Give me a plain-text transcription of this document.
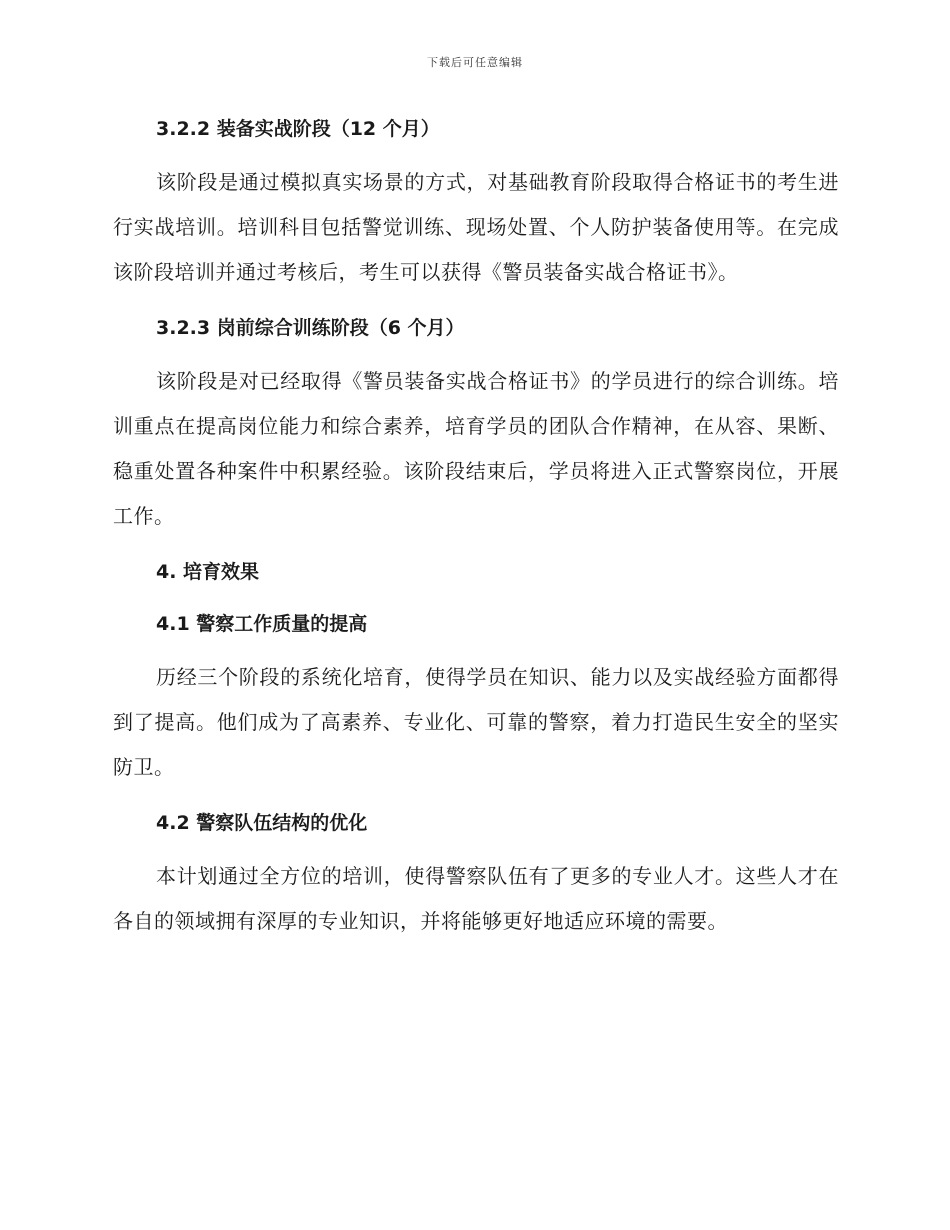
下载后可任意编辑
3.2.2 装备实战阶段（12 个月）

该阶段是通过模拟真实场景的方式，对基础教育阶段取得合格证书的考生进行实战培训。培训科目包括警觉训练、现场处置、个人防护装备使用等。在完成该阶段培训并通过考核后，考生可以获得《警员装备实战合格证书》。

3.2.3 岗前综合训练阶段（6 个月）

该阶段是对已经取得《警员装备实战合格证书》的学员进行的综合训练。培训重点在提高岗位能力和综合素养，培育学员的团队合作精神，在从容、果断、稳重处置各种案件中积累经验。该阶段结束后，学员将进入正式警察岗位，开展工作。

4. 培育效果
4.1 警察工作质量的提高

历经三个阶段的系统化培育，使得学员在知识、能力以及实战经验方面都得到了提高。他们成为了高素养、专业化、可靠的警察，着力打造民生安全的坚实防卫。

4.2 警察队伍结构的优化

本计划通过全方位的培训，使得警察队伍有了更多的专业人才。这些人才在各自的领域拥有深厚的专业知识，并将能够更好地适应环境的需要。
